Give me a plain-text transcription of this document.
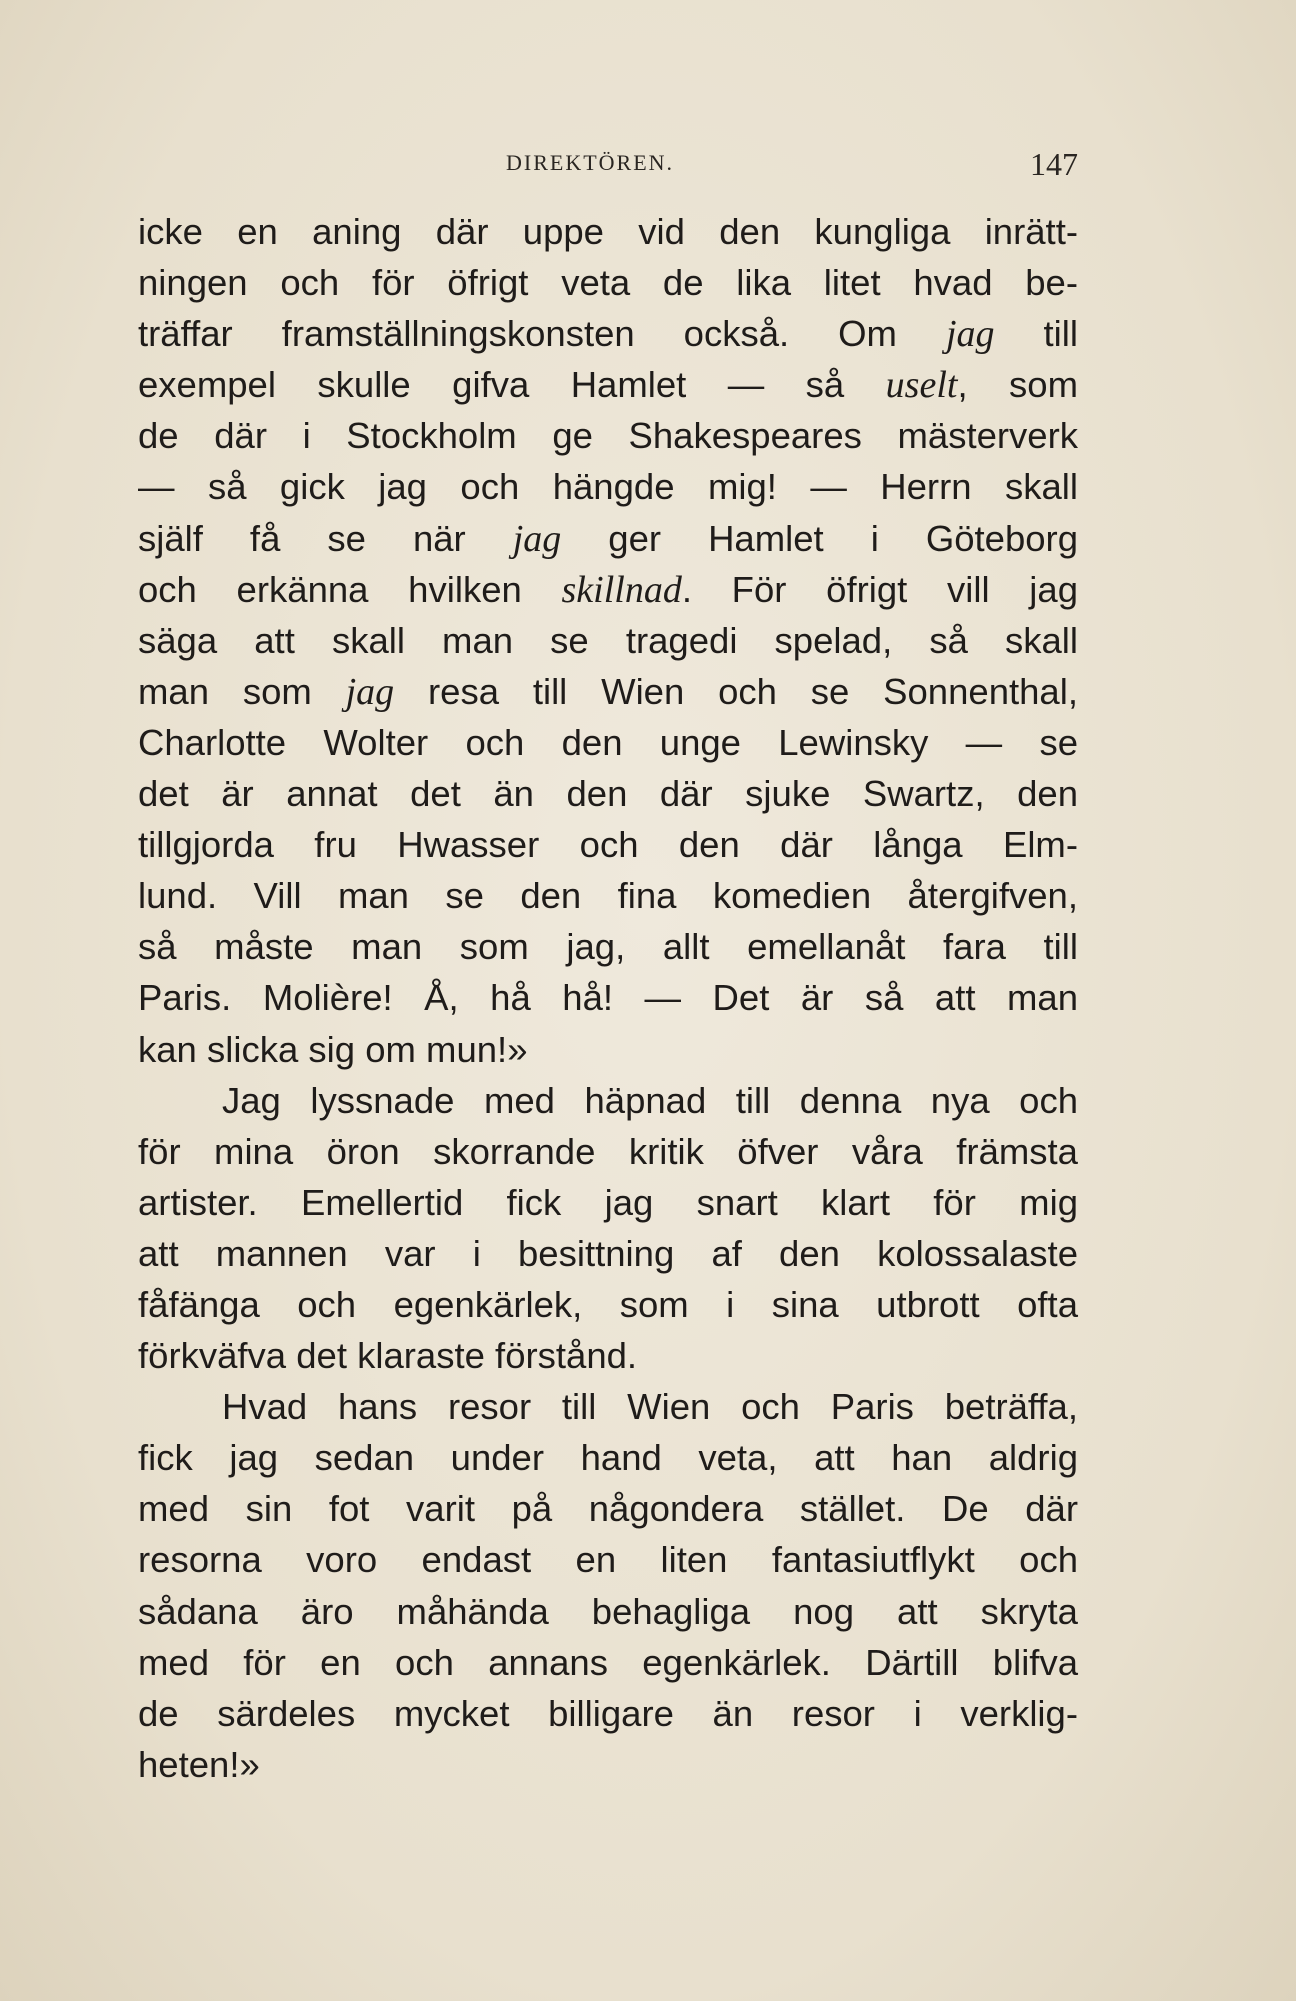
DIREKTÖREN.	147
icke en aning där uppe vid den kungliga inrätt-
ningen och för öfrigt veta de lika litet hvad be-
träffar framställningskonsten också. Om jag till
exempel skulle gifva Hamlet — så uselt, som
de där i Stockholm ge Shakespeares mästerverk
— så gick jag och hängde mig! — Herrn skall
själf få se när jag ger Hamlet i Göteborg
och erkänna hvilken skillnad. För öfrigt vill jag
säga att skall man se tragedi spelad, så skall
man som jag resa till Wien och se Sonnenthal,
Charlotte Wolter och den unge Lewinsky — se
det är annat det än den där sjuke Swartz, den
tillgjorda fru Hwasser och den där långa Elm-
lund. Vill man se den fina komedien återgifven,
så måste man som jag, allt emellanåt fara till
Paris. Molière! Å, hå hå! — Det är så att man
kan slicka sig om mun!»
Jag lyssnade med häpnad till denna nya och
för mina öron skorrande kritik öfver våra främsta
artister. Emellertid fick jag snart klart för mig
att mannen var i besittning af den kolossalaste
fåfänga och egenkärlek, som i sina utbrott ofta
förkväfva det klaraste förstånd.
Hvad hans resor till Wien och Paris beträffa,
fick jag sedan under hand veta, att han aldrig
med sin fot varit på någondera stället. De där
resorna voro endast en liten fantasiutflykt och
sådana äro måhända behagliga nog att skryta
med för en och annans egenkärlek. Därtill blifva
de särdeles mycket billigare än resor i verklig-
heten!»
